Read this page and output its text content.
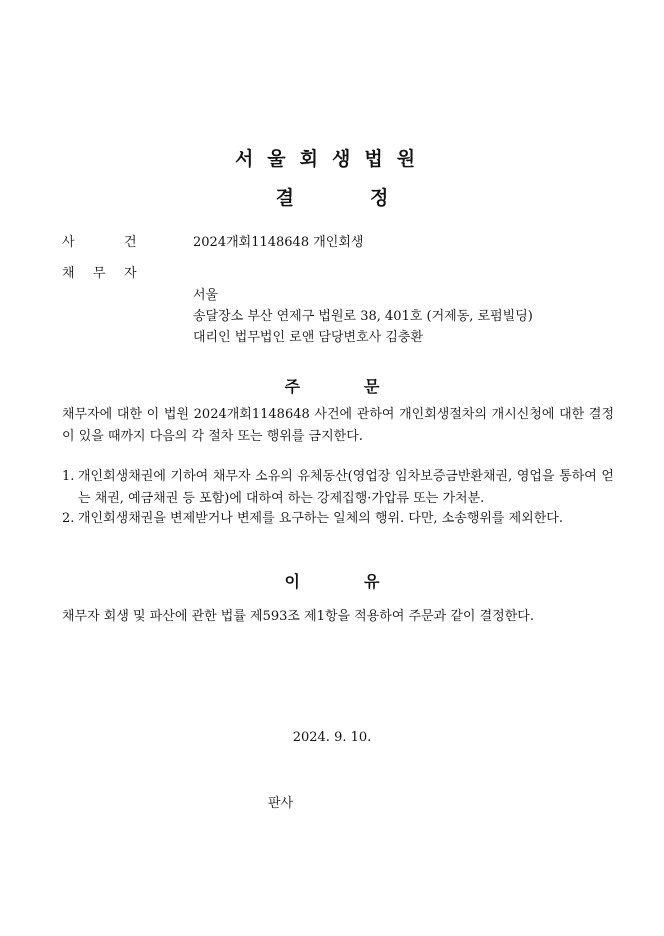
서울회생법원
결	정
사	건	2024개회1148648 개인회생
채 무 자
서울
송달장소 부산 연제구 법원로 38, 401호 (거제동, 로펌빌딩)
대리인 법무법인 로앤 담당변호사 김충환
주	문
채무자에 대한 이 법원 2024개회1148648 사건에 관하여 개인회생절차의 개시신청에 대한 결정이 있을 때까지 다음의 각 절차 또는 행위를 금지한다.
1. 개인회생채권에 기하여 채무자 소유의 유체동산(영업장 임차보증금반환채권, 영업을 통하여 얻는 채권, 예금채권 등 포함)에 대하여 하는 강제집행·가압류 또는 가처분.
2. 개인회생채권을 변제받거나 변제를 요구하는 일체의 행위. 다만, 소송행위를 제외한다.
이	유
채무자 회생 및 파산에 관한 법률 제593조 제1항을 적용하여 주문과 같이 결정한다.
2024. 9. 10.
판사
